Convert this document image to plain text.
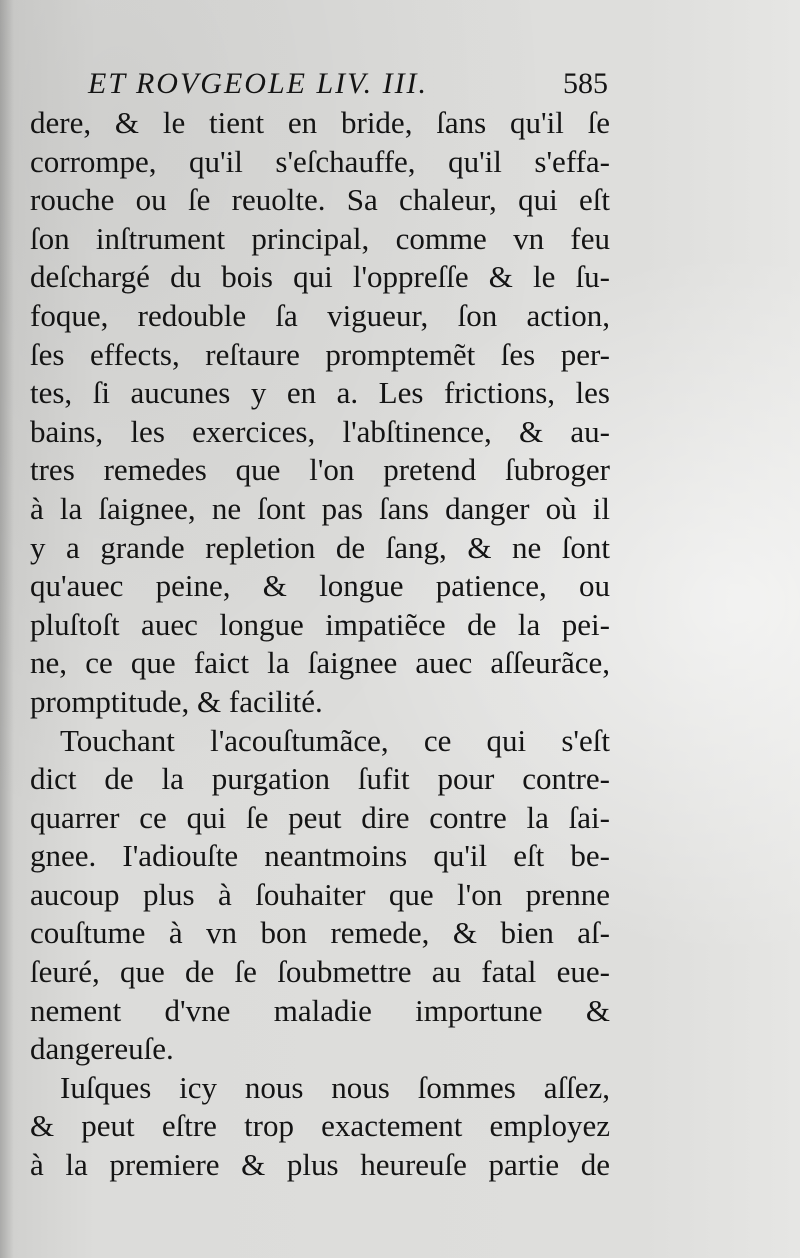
ET ROVGEOLE LIV. III.	585
dere, & le tient en bride, ſans qu'il ſe
corrompe, qu'il s'eſchauffe, qu'il s'effa-
rouche ou ſe reuolte. Sa chaleur, qui eſt
ſon inſtrument principal, comme vn feu
deſchargé du bois qui l'oppreſſe & le ſu-
foque, redouble ſa vigueur, ſon action,
ſes effects, reſtaure promptemẽt ſes per-
tes, ſi aucunes y en a. Les frictions, les
bains, les exercices, l'abſtinence, & au-
tres remedes que l'on pretend ſubroger
à la ſaignee, ne ſont pas ſans danger où il
y a grande repletion de ſang, & ne ſont
qu'auec peine, & longue patience, ou
pluſtoſt auec longue impatiẽce de la pei-
ne, ce que faict la ſaignee auec aſſeurãce,
promptitude, & facilité.
Touchant l'acouſtumãce, ce qui s'eſt
dict de la purgation ſufit pour contre-
quarrer ce qui ſe peut dire contre la ſai-
gnee. I'adiouſte neantmoins qu'il eſt be-
aucoup plus à ſouhaiter que l'on prenne
couſtume à vn bon remede, & bien aſ-
ſeuré, que de ſe ſoubmettre au fatal eue-
nement d'vne maladie importune &
dangereuſe.
Iuſques icy nous nous ſommes aſſez,
& peut eſtre trop exactement employez
à la premiere & plus heureuſe partie de
